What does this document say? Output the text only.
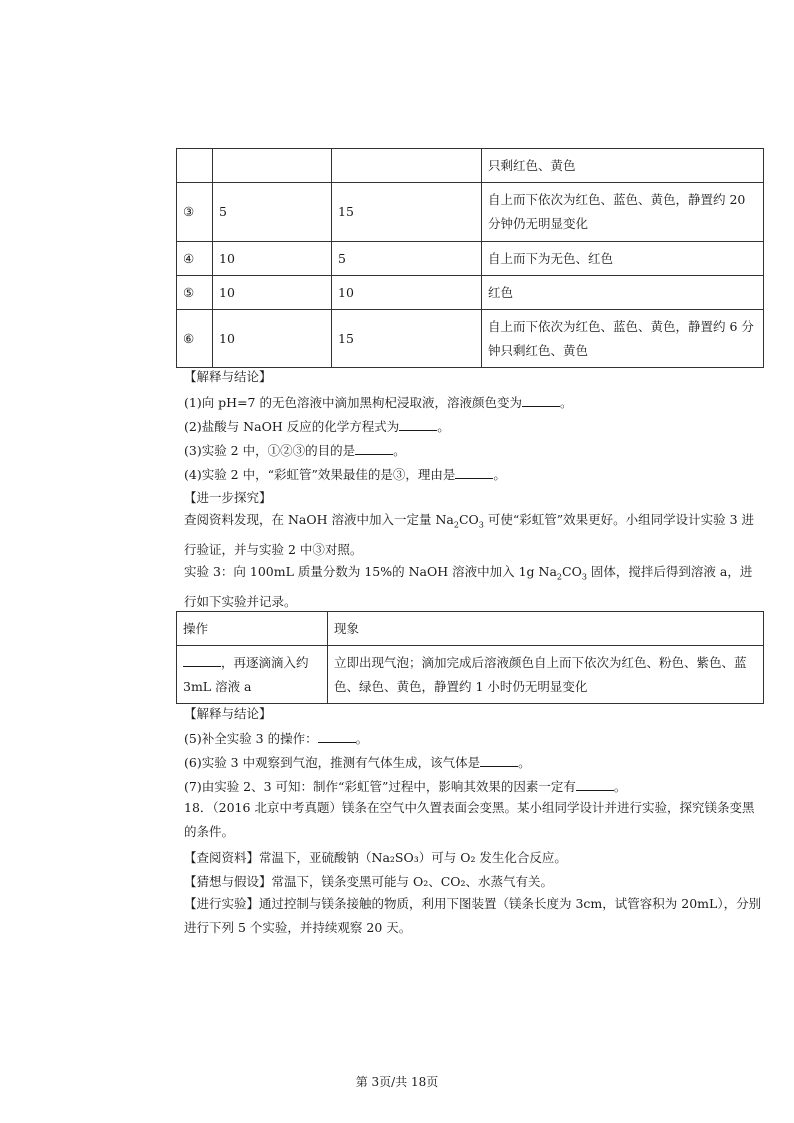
			只剩红色、黄色
③	5	15	自上而下依次为红色、蓝色、黄色，静置约 20 分钟仍无明显变化
④	10	5	自上而下为无色、红色
⑤	10	10	红色
⑥	10	15	自上而下依次为红色、蓝色、黄色，静置约 6 分钟只剩红色、黄色
【解释与结论】
(1)向 pH=7 的无色溶液中滴加黑枸杞浸取液，溶液颜色变为	。
(2)盐酸与 NaOH 反应的化学方程式为	。
(3)实验 2 中，①②③的目的是	。
(4)实验 2 中，“彩虹管”效果最佳的是③，理由是	。
【进一步探究】
查阅资料发现，在 NaOH 溶液中加入一定量 $Na_2CO_3$ 可使“彩虹管”效果更好。小组同学设计实验 3 进行验证，并与实验 2 中③对照。
实验 3：向 100mL 质量分数为 15%的 NaOH 溶液中加入 1g $Na_2CO_3$ 固体，搅拌后得到溶液 a，进行如下实验并记录。
操作	现象
，再逐滴滴入约 3mL 溶液 a	立即出现气泡；滴加完成后溶液颜色自上而下依次为红色、粉色、紫色、蓝色、绿色、黄色，静置约 1 小时仍无明显变化
【解释与结论】
(5)补全实验 3 的操作：	。
(6)实验 3 中观察到气泡，推测有气体生成，该气体是	。
(7)由实验 2、3 可知：制作“彩虹管”过程中，影响其效果的因素一定有	。
18．（2016 北京中考真题）镁条在空气中久置表面会变黑。某小组同学设计并进行实验，探究镁条变黑的条件。
【查阅资料】常温下，亚硫酸钠（Na₂SO₃）可与 O₂ 发生化合反应。
【猜想与假设】常温下，镁条变黑可能与 O₂、CO₂、水蒸气有关。
【进行实验】通过控制与镁条接触的物质，利用下图装置（镁条长度为 3cm，试管容积为 20mL），分别进行下列 5 个实验，并持续观察 20 天。
第 3页/共 18页
